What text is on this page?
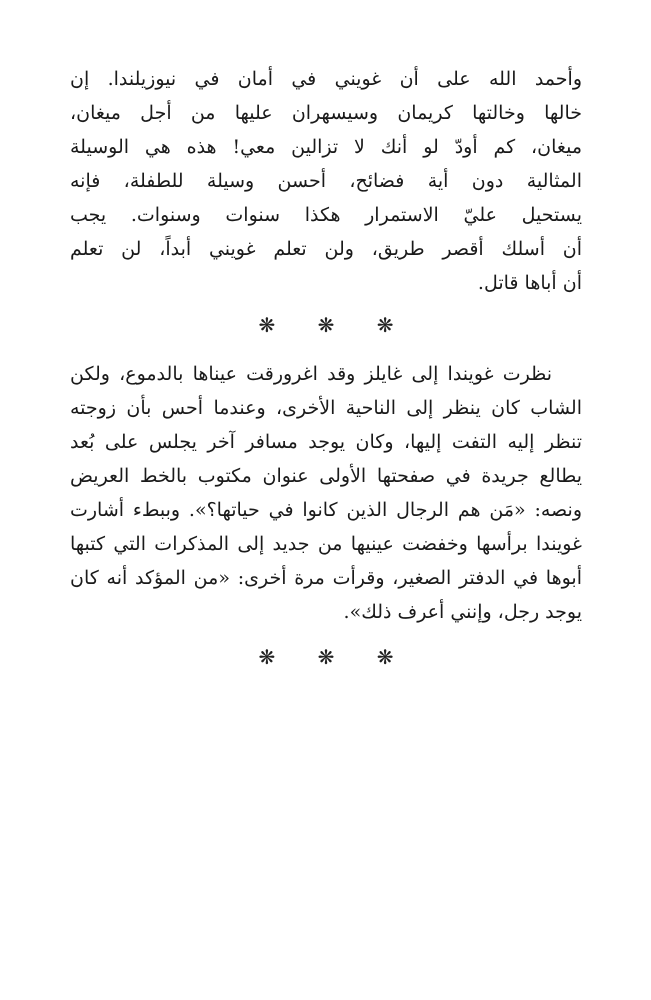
وأحمد الله على أن غويني في أمان في نيوزيلندا. إن
خالها وخالتها كريمان وسيسهران عليها من أجل ميغان،
ميغان، كم أودّ لو أنك لا تزالين معي! هذه هي الوسيلة
المثالية دون أية فضائح، أحسن وسيلة للطفلة، فإنه
يستحيل عليّ الاستمرار هكذا سنوات وسنوات. يجب
أن أسلك أقصر طريق، ولن تعلم غويني أبداً، لن تعلم
أن أباها قاتل.

❋ ❋ ❋

نظرت غويندا إلى غايلز وقد اغرورقت عيناها بالدموع، ولكن
الشاب كان ينظر إلى الناحية الأخرى، وعندما أحس بأن زوجته
تنظر إليه التفت إليها، وكان يوجد مسافر آخر يجلس على بُعد
يطالع جريدة في صفحتها الأولى عنوان مكتوب بالخط العريض
ونصه: «مَن هم الرجال الذين كانوا في حياتها؟». وببطء أشارت
غويندا برأسها وخفضت عينيها من جديد إلى المذكرات التي كتبها
أبوها في الدفتر الصغير، وقرأت مرة أخرى: «من المؤكد أنه كان
يوجد رجل، وإنني أعرف ذلك».

❋ ❋ ❋
